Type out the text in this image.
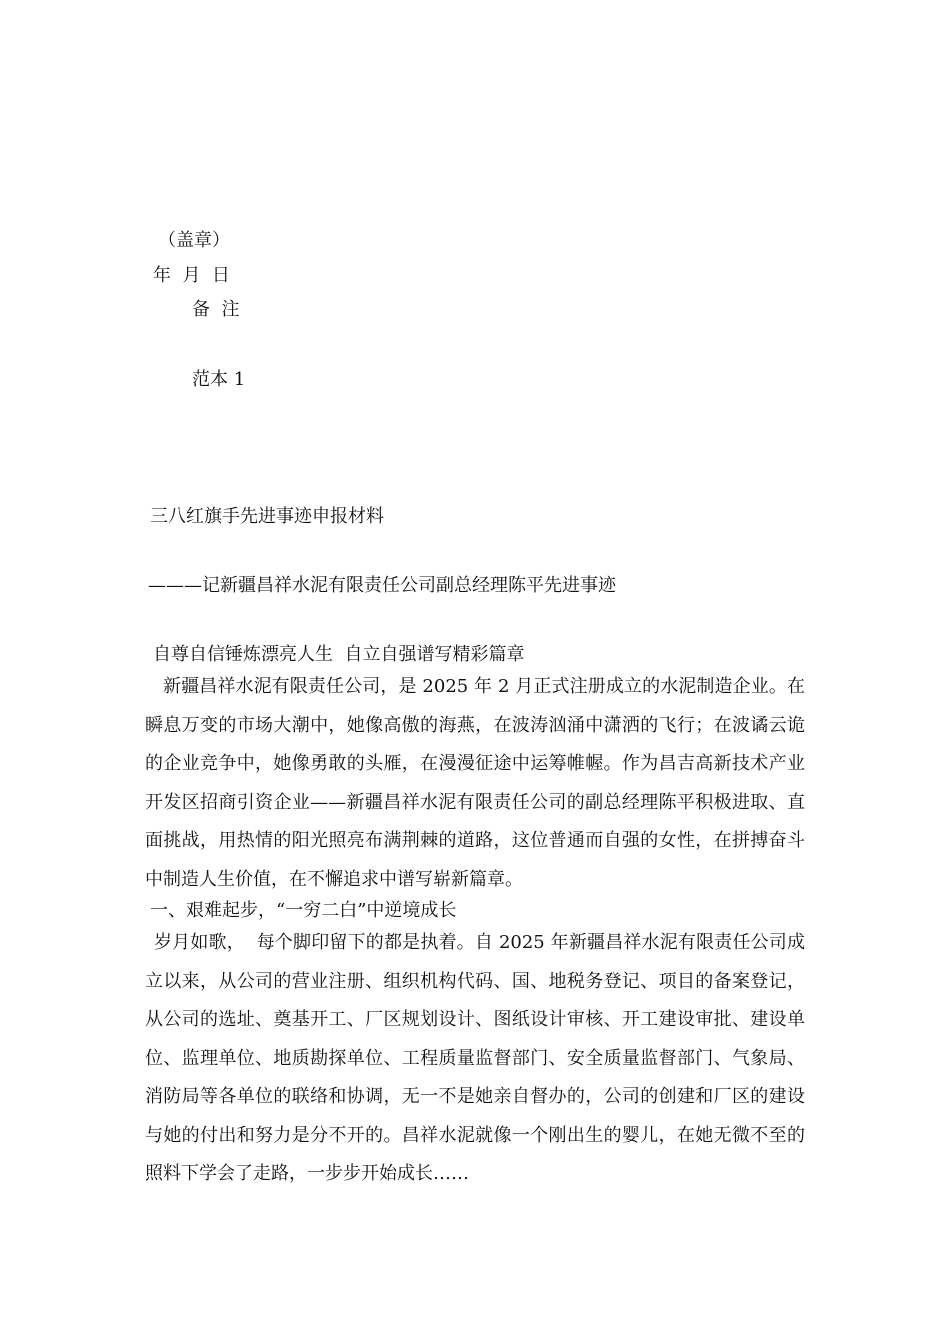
（盖章）
年  月  日
备  注
范本 1
三八红旗手先进事迹申报材料
———记新疆昌祥水泥有限责任公司副总经理陈平先进事迹
自尊自信锤炼漂亮人生  自立自强谱写精彩篇章

新疆昌祥水泥有限责任公司，是 2025 年 2 月正式注册成立的水泥制造企业。在瞬息万变的市场大潮中，她像高傲的海燕，在波涛汹涌中潇洒的飞行；在波谲云诡的企业竞争中，她像勇敢的头雁，在漫漫征途中运筹帷幄。作为昌吉高新技术产业开发区招商引资企业——新疆昌祥水泥有限责任公司的副总经理陈平积极进取、直面挑战，用热情的阳光照亮布满荆棘的道路，这位普通而自强的女性，在拼搏奋斗中制造人生价值，在不懈追求中谱写崭新篇章。

一、艰难起步，“一穷二白”中逆境成长

岁月如歌，  每个脚印留下的都是执着。自 2025 年新疆昌祥水泥有限责任公司成立以来，从公司的营业注册、组织机构代码、国、地税务登记、项目的备案登记，从公司的选址、奠基开工、厂区规划设计、图纸设计审核、开工建设审批、建设单位、监理单位、地质勘探单位、工程质量监督部门、安全质量监督部门、气象局、消防局等各单位的联络和协调，无一不是她亲自督办的，公司的创建和厂区的建设与她的付出和努力是分不开的。昌祥水泥就像一个刚出生的婴儿，在她无微不至的照料下学会了走路，一步步开始成长……
